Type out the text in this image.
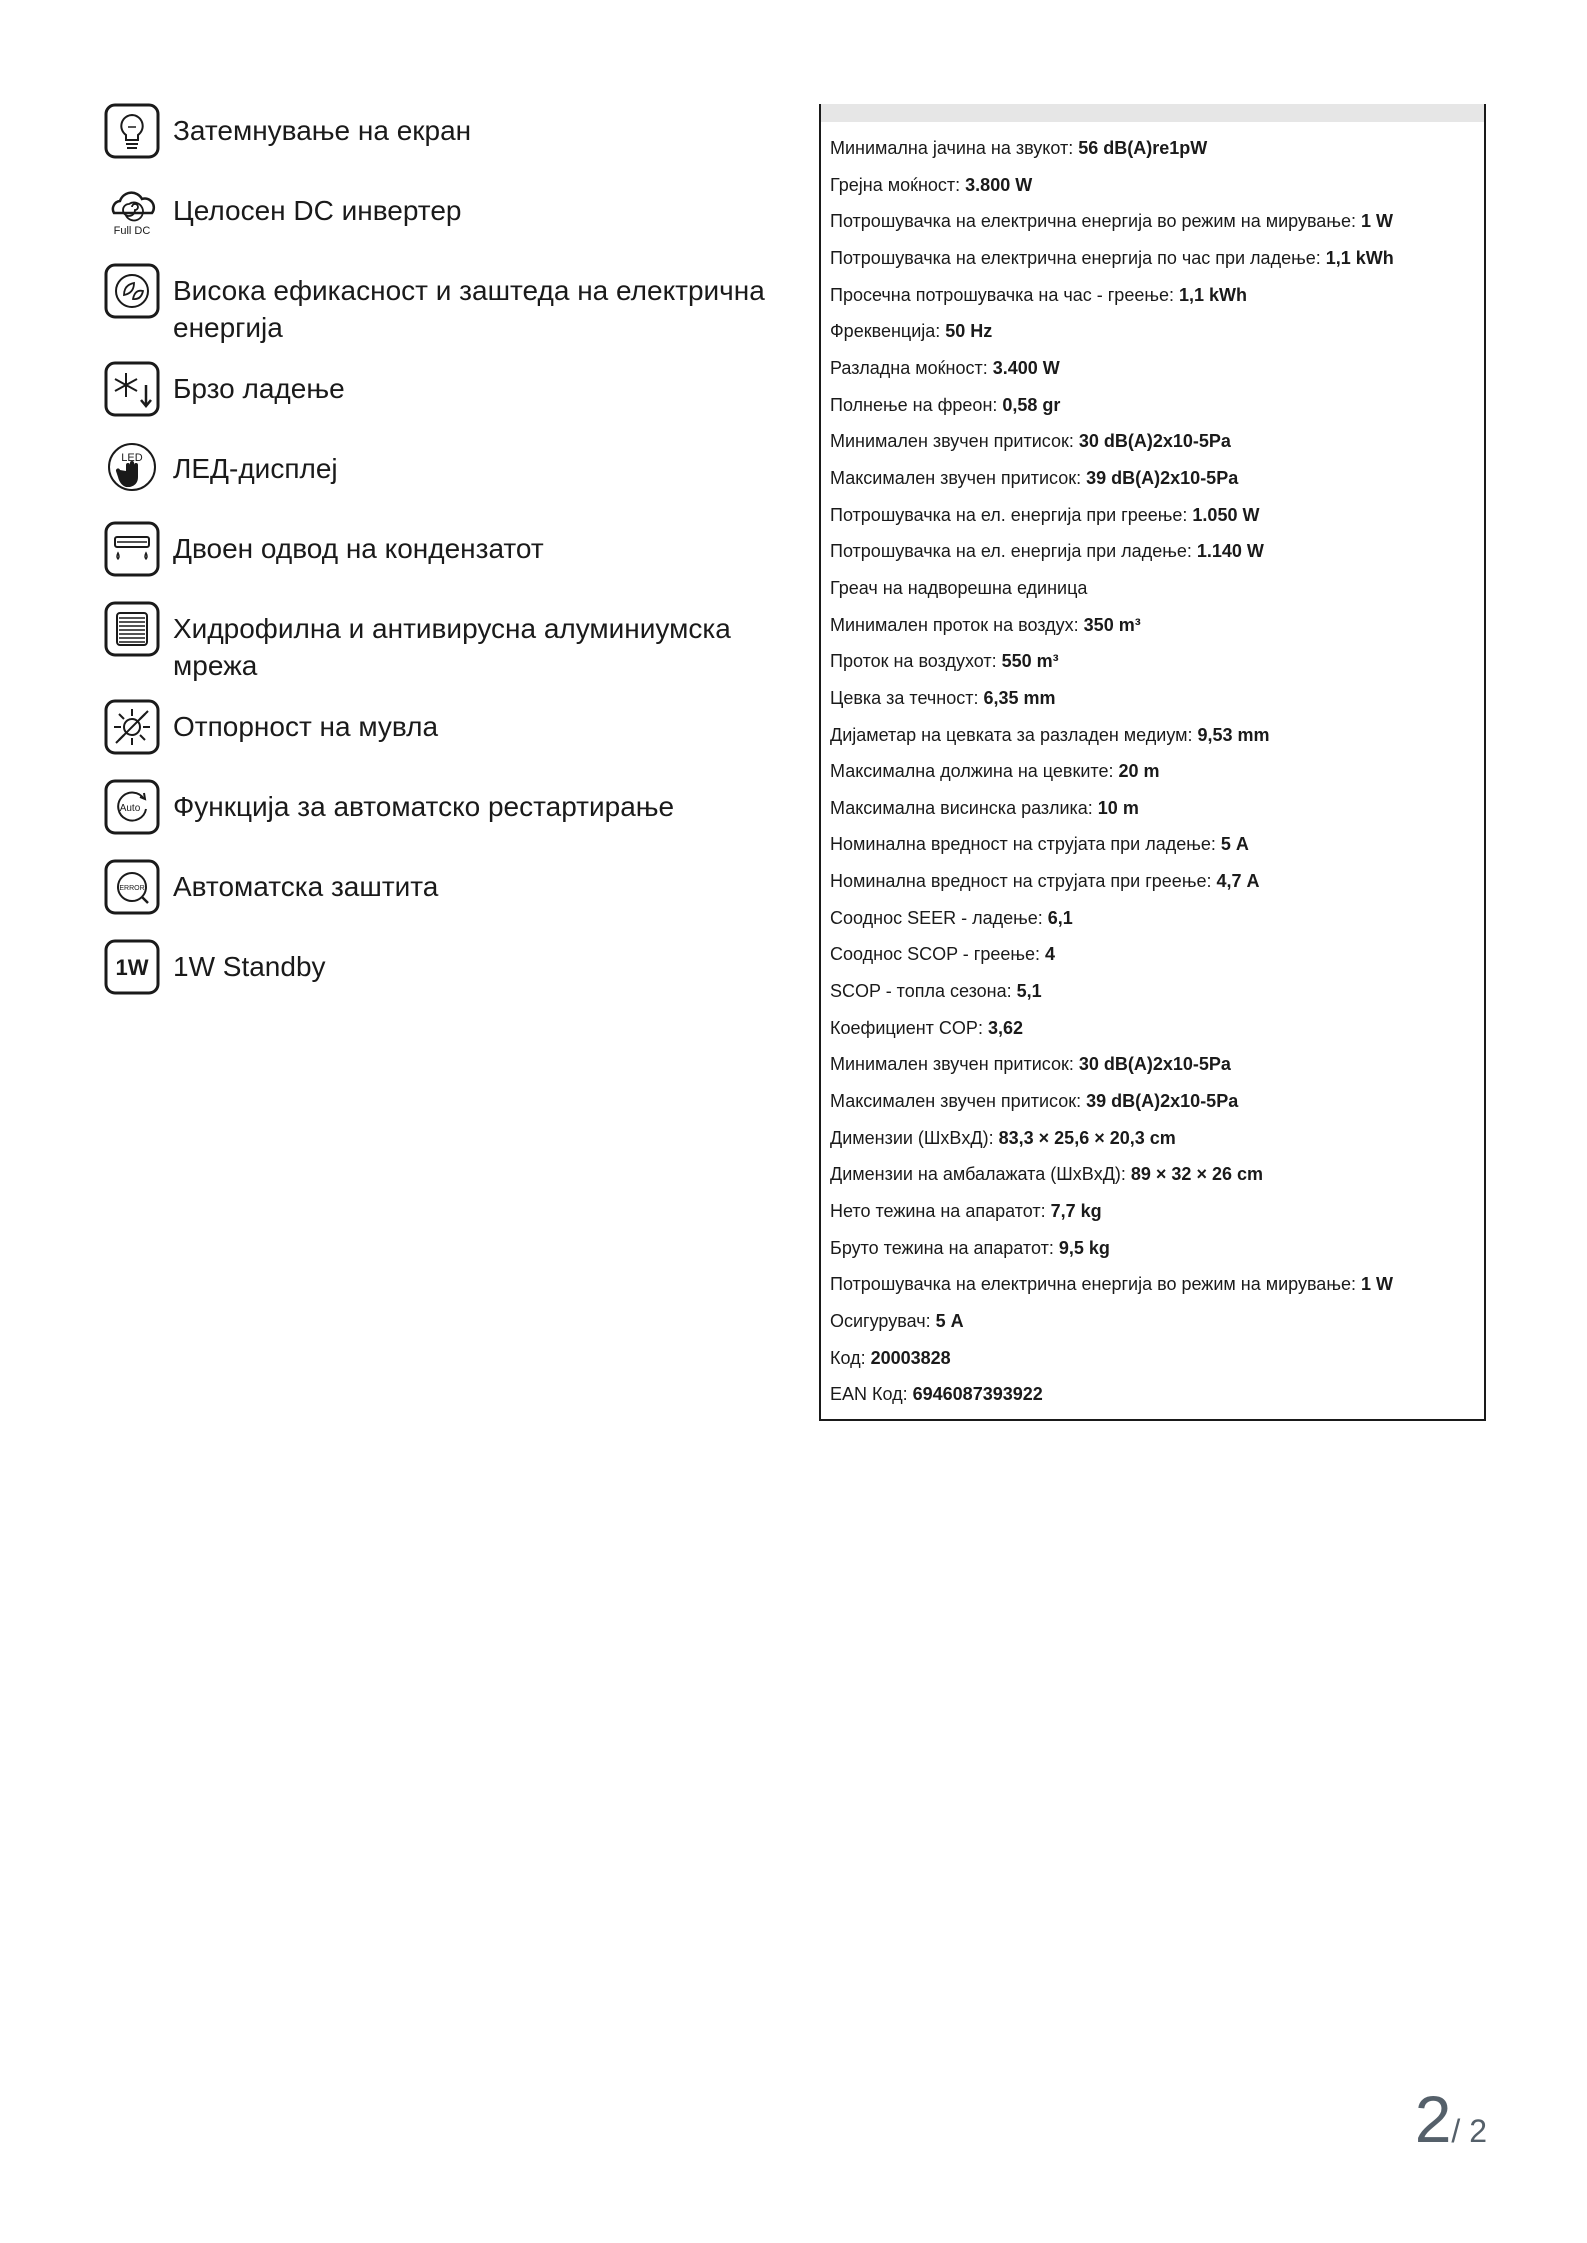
Затемнување на екран
Full DC
Целосен DC инвертер
Висока ефикасност и заштеда на електрична
енергија
Брзо ладење
LED ЛЕД-дисплеј
Двоен одвод на кондензатот
Хидрофилна и антивирусна алуминиумска
мрежа
Отпорност на мувла
Auto Функција за автоматско рестартирање
ERROR Автоматска заштита
1W 1W Standby
Минимална јачина на звукот: 56 dB(A)re1pW
Грејна моќност: 3.800 W
Потрошувачка на електрична енергија во режим на мирување: 1 W
Потрошувачка на електрична енергија по час при ладење: 1,1 kWh
Просечна потрошувачка на час - греење: 1,1 kWh
Фреквенција: 50 Hz
Разладна моќност: 3.400 W
Полнење на фреон: 0,58 gr
Минимален звучен притисок: 30 dB(A)2x10-5Pa
Максимален звучен притисок: 39 dB(A)2x10-5Pa
Потрошувачка на ел. енергија при греење: 1.050 W
Потрошувачка на ел. енергија при ладење: 1.140 W
Греач на надворешна единица
Минимален проток на воздух: 350 m³
Проток на воздухот: 550 m³
Цевка за течност: 6,35 mm
Дијаметар на цевката за разладен медиум: 9,53 mm
Максимална должина на цевките: 20 m
Максимална висинска разлика: 10 m
Номинална вредност на струјата при ладење: 5 A
Номинална вредност на струјата при греење: 4,7 A
Сооднос SEER - ладење: 6,1
Сооднос SCOP - греење: 4
SCOP - топла сезона: 5,1
Коефициент COP: 3,62
Минимален звучен притисок: 30 dB(A)2x10-5Pa
Максимален звучен притисок: 39 dB(A)2x10-5Pa
Димензии (ШxВxД): 83,3 × 25,6 × 20,3 cm
Димензии на амбалажата (ШxВxД): 89 × 32 × 26 cm
Нето тежина на апаратот: 7,7 kg
Бруто тежина на апаратот: 9,5 kg
Потрошувачка на електрична енергија во режим на мирување: 1 W
Осигурувач: 5 A
Код: 20003828
EAN Код: 6946087393922
2/ 2
